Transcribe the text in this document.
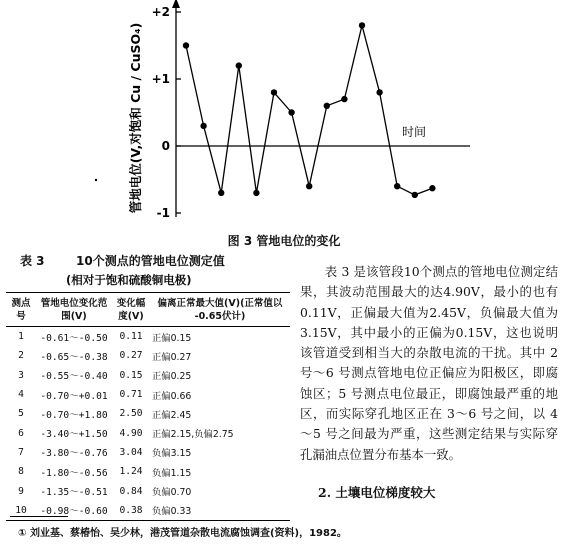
+2
+1
0
-1
管地电位(V,对饱和 Cu / CuSO₄)	时间
图 3 管地电位的变化
表 3	10个测点的管地电位测定值
(相对于饱和硫酸铜电极)
测点号	管地电位变化范围(V)	变化幅度(V)	偏离正常最大值(V)(正常值以 -0.65伏计)
1	-0.61～-0.50	0.11	正偏0.15
2	-0.65～-0.38	0.27	正偏0.27
3	-0.55～-0.40	0.15	正偏0.25
4	-0.70～+0.01	0.71	正偏0.66
5	-0.70～+1.80	2.50	正偏2.45
6	-3.40～+1.50	4.90	正偏2.15,负偏2.75
7	-3.80～-0.76	3.04	负偏3.15
8	-1.80～-0.56	1.24	负偏1.15
9	-1.35～-0.51	0.84	负偏0.70
10	-0.98～-0.60	0.38	负偏0.33

表 3 是该管段10个测点的管地电位测定结果，其波动范围最大的达4.90V，最小的也有0.11V，正偏最大值为2.45V，负偏最大值为3.15V，其中最小的正偏为0.15V，这也说明该管道受到相当大的杂散电流的干扰。其中 2 号～6 号测点管地电位正偏应为阳极区，即腐蚀区；5 号测点电位最正，即腐蚀最严重的地区，而实际穿孔地区正在 3～6 号之间，以 4～5 号之间最为严重，这些测定结果与实际穿孔漏油点位置分布基本一致。

2. 土壤电位梯度较大
① 刘业基、蔡椿怡、吴少林，港茂管道杂散电流腐蚀调查(资料)，1982。
